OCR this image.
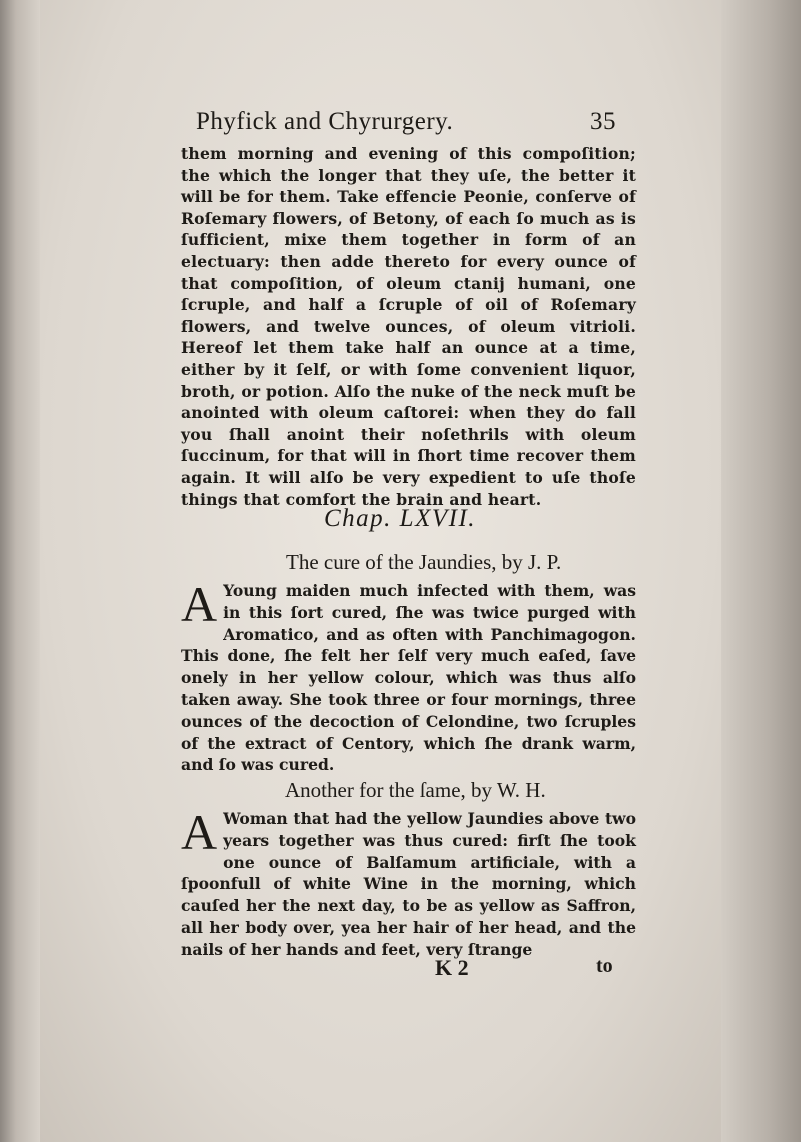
Phyfick and Chyrurgery.	35

them morning and evening of this compoſition; the which the longer that they uſe, the better it will be for them. Take effencie Peonie, conſerve of Roſemary flowers, of Betony, of each ſo much as is ſufficient, mixe them together in form of an electuary: then adde thereto for every ounce of that compoſition, of oleum ctanij humani, one ſcruple, and half a ſcruple of oil of Roſemary flowers, and twelve ounces, of oleum vitrioli. Hereof let them take half an ounce at a time, either by it ſelf, or with ſome convenient liquor, broth, or potion. Alſo the nuke of the neck muſt be anointed with oleum caſtorei: when they do fall you ſhall anoint their noſethrils with oleum ſuccinum, for that will in ſhort time recover them again. It will alſo be very expedient to uſe thoſe things that comfort the brain and heart.

Chap. LXVII.
The cure of the Jaundies, by J. P.
A Young maiden much infected with them, was in this ſort cured, ſhe was twice purged with Aromatico, and as often with Panchimagogon. This done, ſhe felt her ſelf very much eaſed, ſave onely in her yellow colour, which was thus alſo taken away. She took three or four mornings, three ounces of the decoction of Celondine, two ſcruples of the extract of Centory, which ſhe drank warm, and ſo was cured.

Another for the ſame, by W. H.
A Woman that had the yellow Jaundies above two years together was thus cured: firſt ſhe took one ounce of Balſamum artificiale, with a ſpoonfull of white Wine in the morning, which cauſed her the next day, to be as yellow as Saffron, all her body over, yea her hair of her head, and the nails of her hands and feet, very ſtrange

K 2	to
